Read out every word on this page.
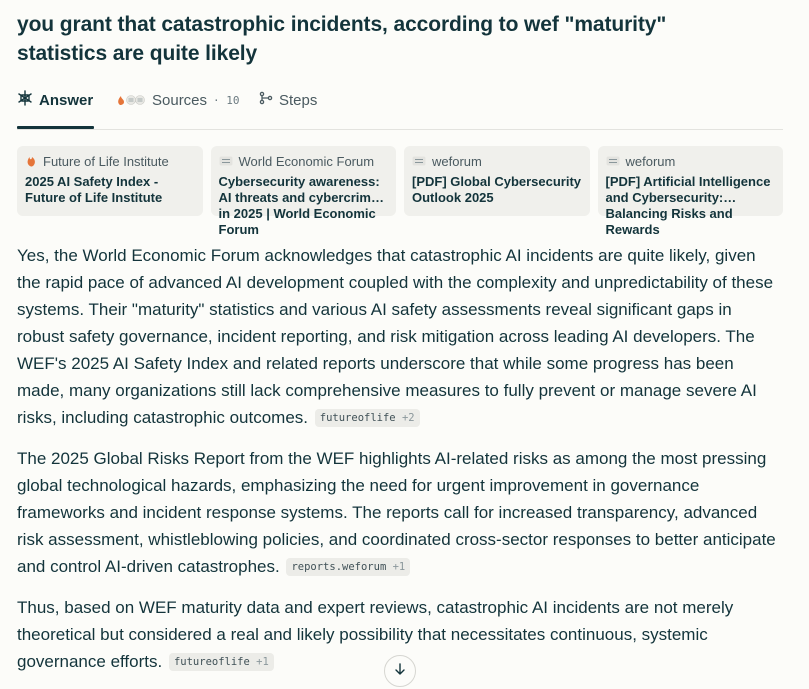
you grant that catastrophic incidents, according to wef "maturity" statistics are quite likely
Answer	Sources · 10	Steps
Future of Life Institute
2025 AI Safety Index - Future of Life Institute
World Economic Forum
Cybersecurity awareness: AI threats and cybercrime in 2025 | World Economic Forum
weforum
[PDF] Global Cybersecurity Outlook 2025
weforum
[PDF] Artificial Intelligence and Cybersecurity: Balancing Risks and Rewards

Yes, the World Economic Forum acknowledges that catastrophic AI incidents are quite likely, given the rapid pace of advanced AI development coupled with the complexity and unpredictability of these systems. Their "maturity" statistics and various AI safety assessments reveal significant gaps in robust safety governance, incident reporting, and risk mitigation across leading AI developers. The WEF's 2025 AI Safety Index and related reports underscore that while some progress has been made, many organizations still lack comprehensive measures to fully prevent or manage severe AI risks, including catastrophic outcomes. futureoflife +2

The 2025 Global Risks Report from the WEF highlights AI-related risks as among the most pressing global technological hazards, emphasizing the need for urgent improvement in governance frameworks and incident response systems. The reports call for increased transparency, advanced risk assessment, whistleblowing policies, and coordinated cross-sector responses to better anticipate and control AI-driven catastrophes. reports.weforum +1

Thus, based on WEF maturity data and expert reviews, catastrophic AI incidents are not merely theoretical but considered a real and likely possibility that necessitates continuous, systemic governance efforts. futureoflife +1
